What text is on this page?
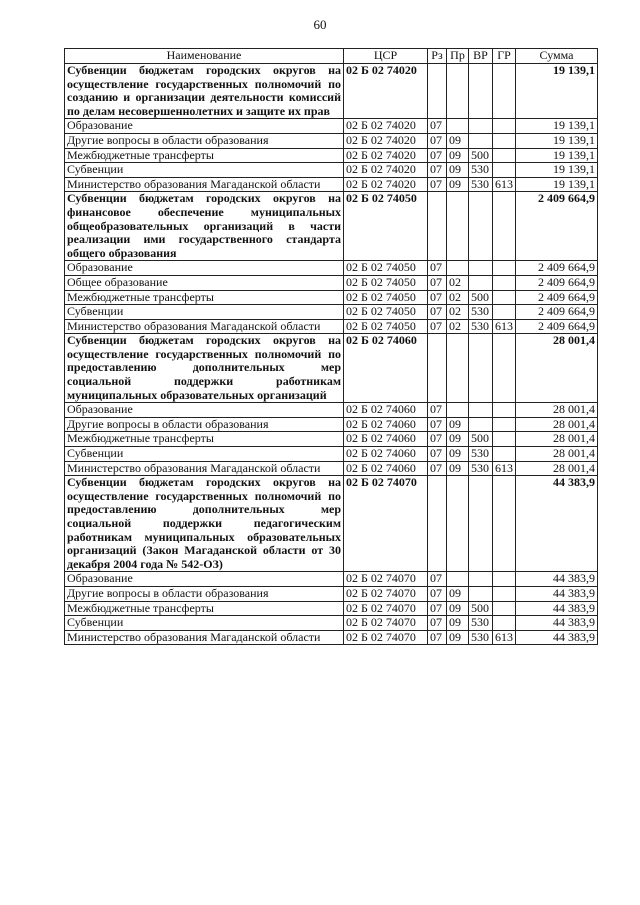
60
Наименование	ЦСР	Рз	Пр	ВР	ГР	Сумма
Субвенции бюджетам городских округов на осуществление государственных полномочий по созданию и организации деятельности комиссий по делам несовершеннолетних и защите их прав	02 Б 02 74020					19 139,1
Образование	02 Б 02 74020	07				19 139,1
Другие вопросы в области образования	02 Б 02 74020	07	09			19 139,1
Межбюджетные трансферты	02 Б 02 74020	07	09	500		19 139,1
Субвенции	02 Б 02 74020	07	09	530		19 139,1
Министерство образования Магаданской области	02 Б 02 74020	07	09	530	613	19 139,1
Субвенции бюджетам городских округов на финансовое обеспечение муниципальных общеобразовательных организаций в части реализации ими государственного стандарта общего образования	02 Б 02 74050					2 409 664,9
Образование	02 Б 02 74050	07				2 409 664,9
Общее образование	02 Б 02 74050	07	02			2 409 664,9
Межбюджетные трансферты	02 Б 02 74050	07	02	500		2 409 664,9
Субвенции	02 Б 02 74050	07	02	530		2 409 664,9
Министерство образования Магаданской области	02 Б 02 74050	07	02	530	613	2 409 664,9
Субвенции бюджетам городских округов на осуществление государственных полномочий по предоставлению дополнительных мер социальной поддержки работникам муниципальных образовательных организаций	02 Б 02 74060					28 001,4
Образование	02 Б 02 74060	07				28 001,4
Другие вопросы в области образования	02 Б 02 74060	07	09			28 001,4
Межбюджетные трансферты	02 Б 02 74060	07	09	500		28 001,4
Субвенции	02 Б 02 74060	07	09	530		28 001,4
Министерство образования Магаданской области	02 Б 02 74060	07	09	530	613	28 001,4
Субвенции бюджетам городских округов на осуществление государственных полномочий по предоставлению дополнительных мер социальной поддержки педагогическим работникам муниципальных образовательных организаций (Закон Магаданской области от 30 декабря 2004 года № 542-ОЗ)	02 Б 02 74070					44 383,9
Образование	02 Б 02 74070	07				44 383,9
Другие вопросы в области образования	02 Б 02 74070	07	09			44 383,9
Межбюджетные трансферты	02 Б 02 74070	07	09	500		44 383,9
Субвенции	02 Б 02 74070	07	09	530		44 383,9
Министерство образования Магаданской области	02 Б 02 74070	07	09	530	613	44 383,9
